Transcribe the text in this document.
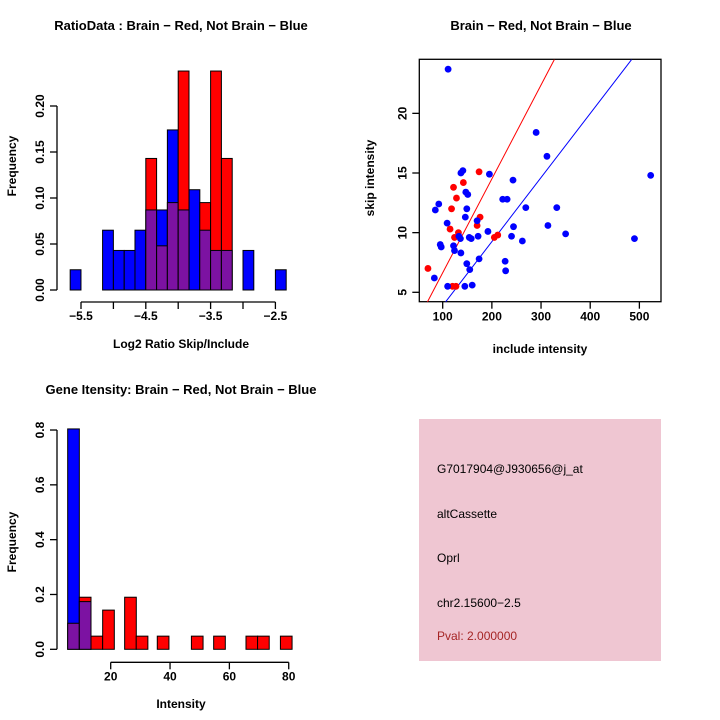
0.00
0.05
0.10
0.15
0.20
−5.5	−4.5	−3.5	−2.5
0.0
0.2
0.4
0.6
0.8
20	40	60	80
100 200 300 400 500
5
10
15
20
RatioData : Brain − Red, Not Brain − Blue	Brain − Red, Not Brain − Blue
Gene Itensity: Brain − Red, Not Brain − Blue
Log2 Ratio Skip/Include	include intensity
Intensity
Frequency	skip intensity
Frequency
G7017904@J930656@j_at
altCassette
Oprl
chr2.15600−2.5
Pval: 2.000000
